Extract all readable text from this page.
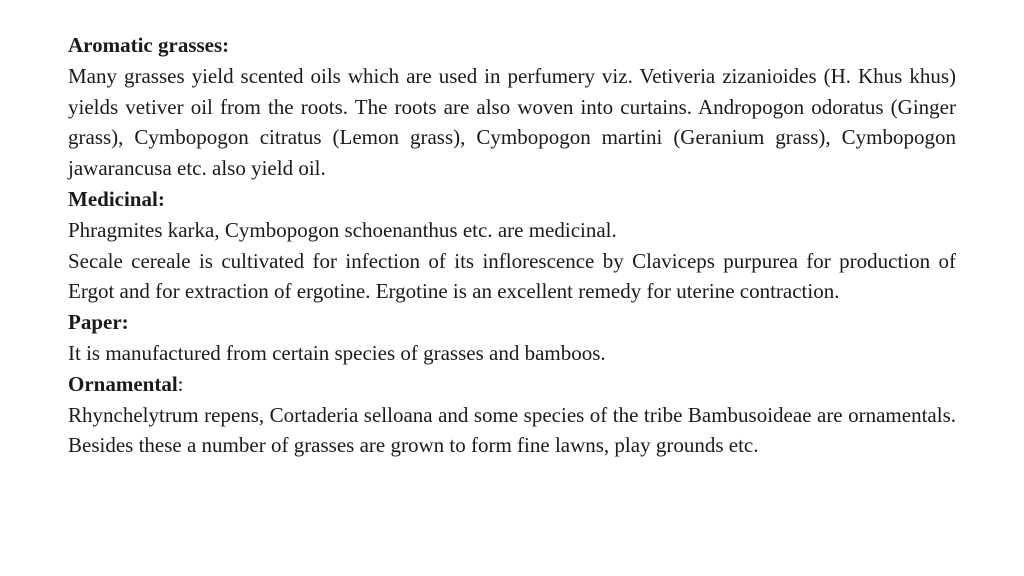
Aromatic grasses:
Many grasses yield scented oils which are used in perfumery viz. Vetiveria zizanioides (H. Khus khus) yields vetiver oil from the roots. The roots are also woven into curtains. Andropogon odoratus (Ginger grass), Cymbopogon citratus (Lemon grass), Cymbopogon martini (Geranium grass), Cymbopogon jawarancusa etc. also yield oil.
Medicinal:
Phragmites karka, Cymbopogon schoenanthus etc. are medicinal.
Secale cereale is cultivated for infection of its inflorescence by Claviceps purpurea for production of Ergot and for extraction of ergotine. Ergotine is an excellent remedy for uterine contraction.
Paper:
It is manufactured from certain species of grasses and bamboos.
Ornamental:
Rhynchelytrum repens, Cortaderia selloana and some species of the tribe Bambusoideae are ornamentals. Besides these a number of grasses are grown to form fine lawns, play grounds etc.
